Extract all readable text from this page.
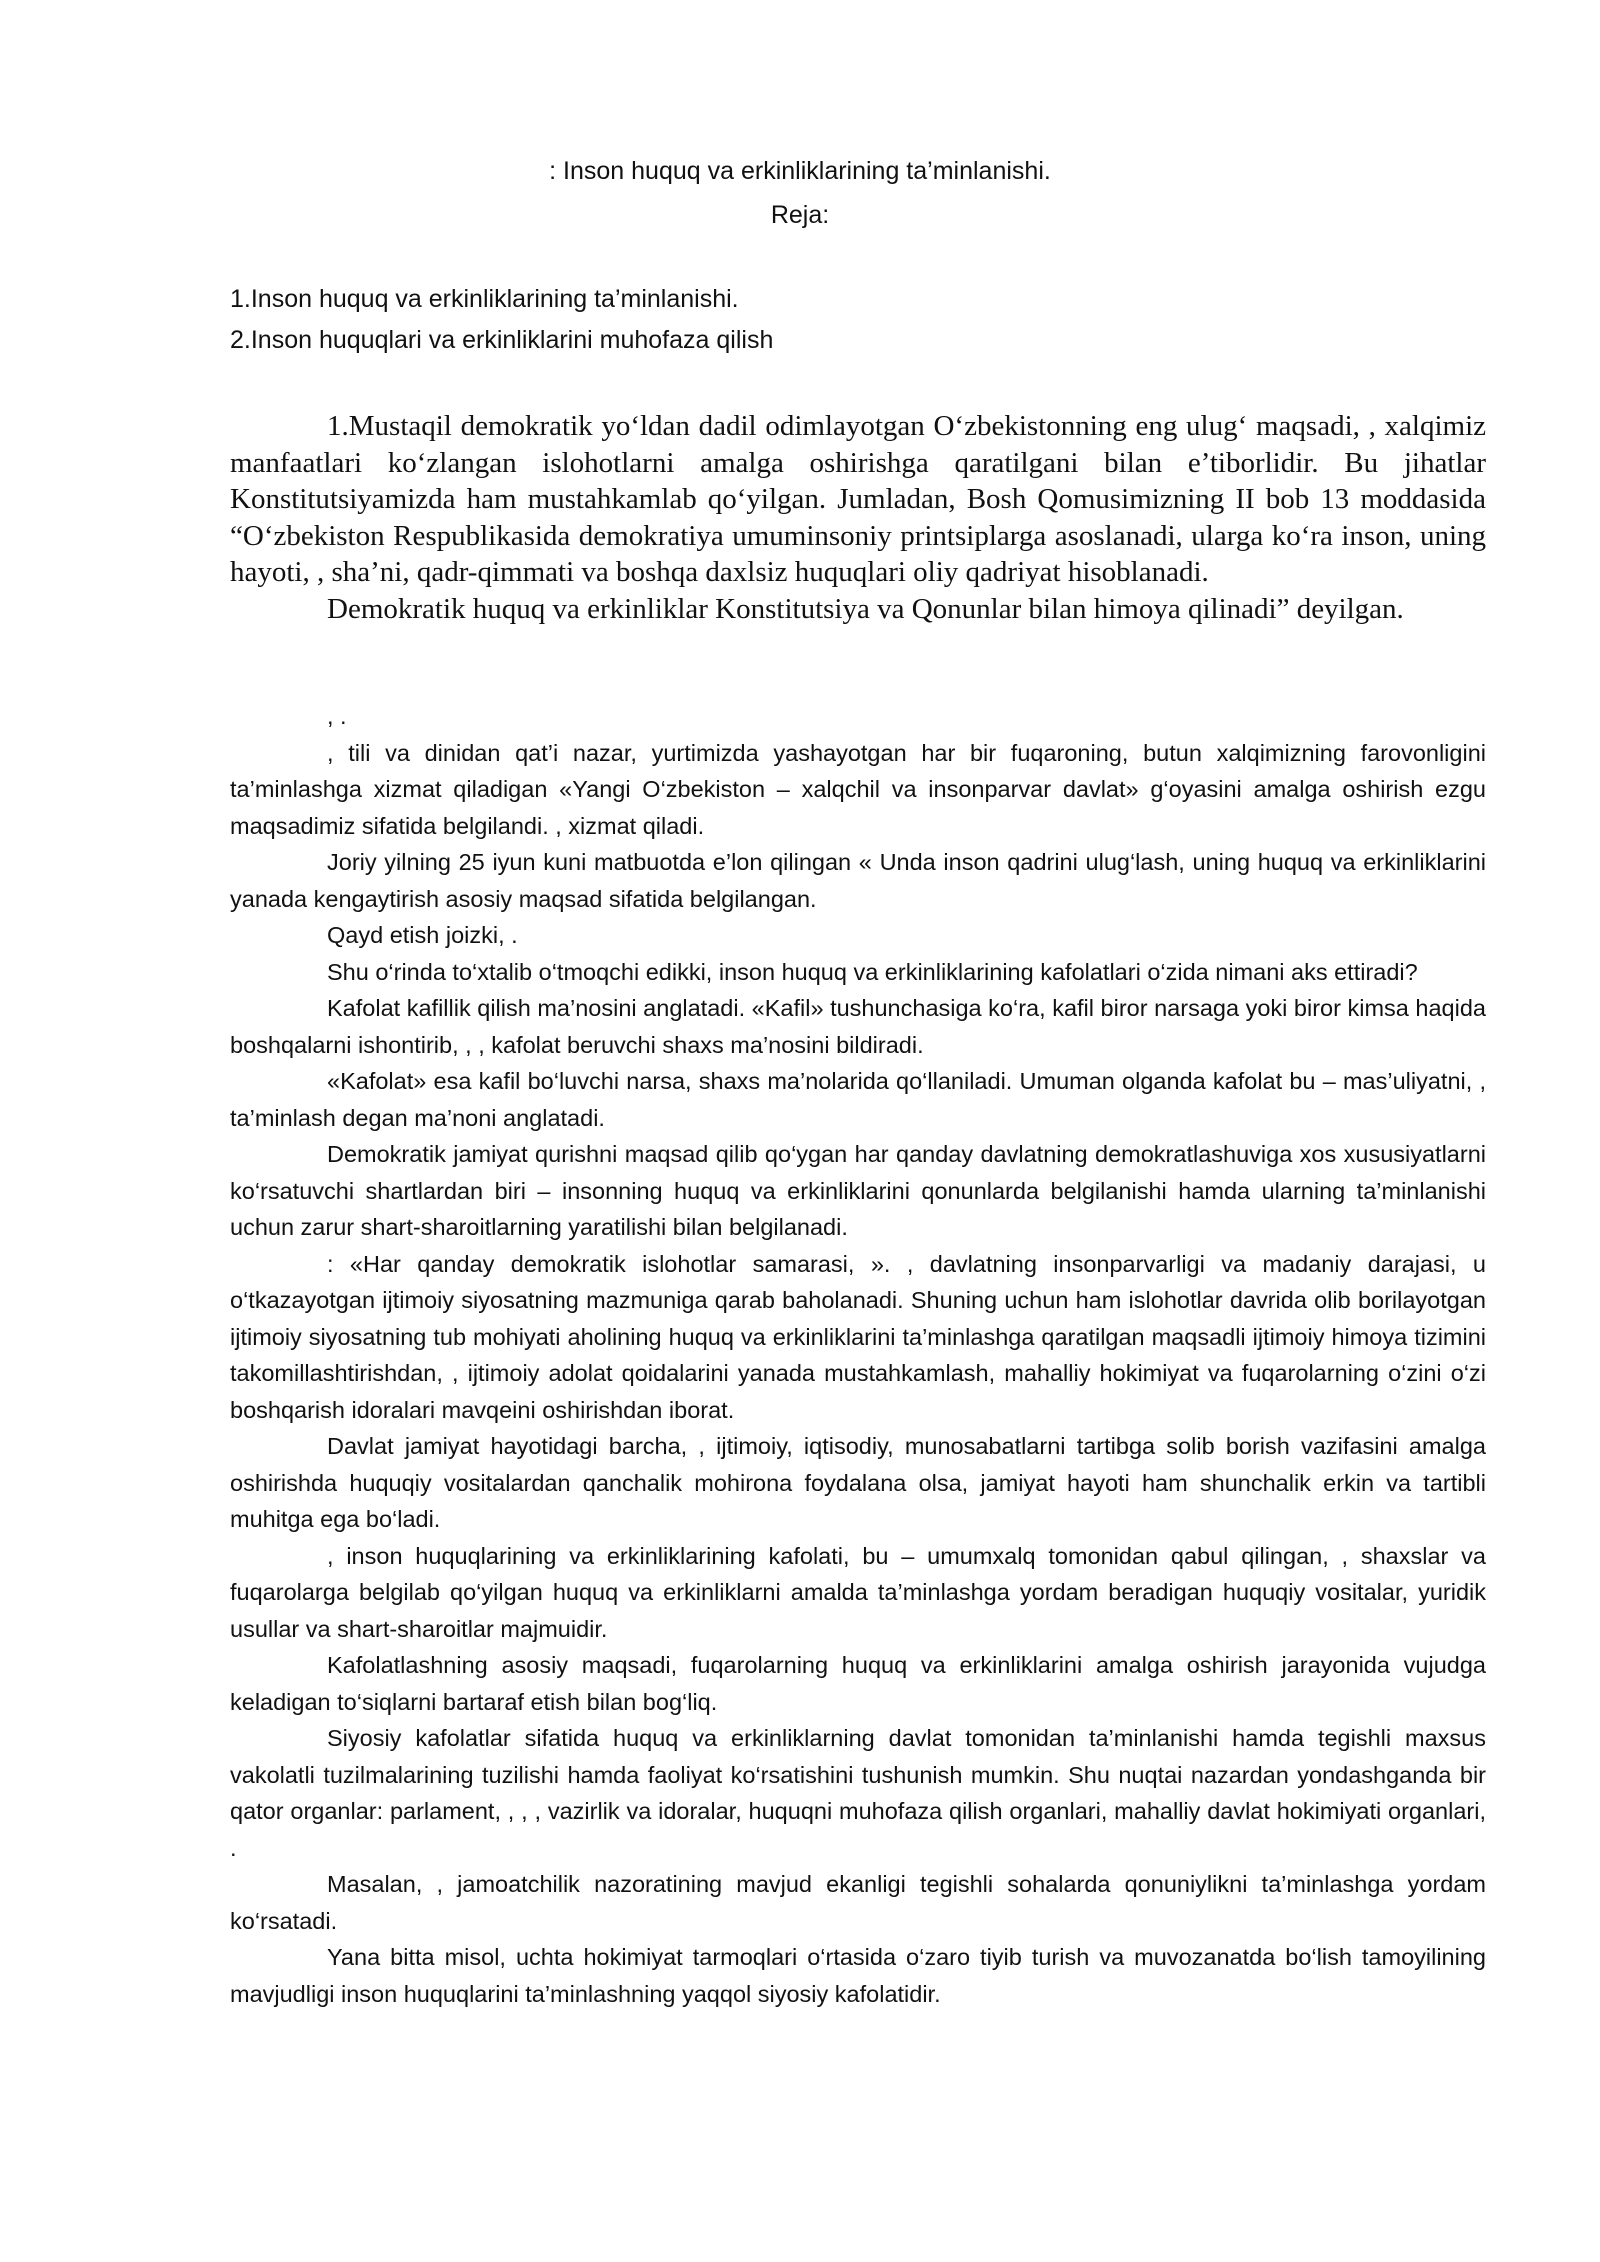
: Inson huquq va erkinliklarining ta’minlanishi.
Reja:

1.Inson huquq va erkinliklarining ta’minlanishi.

2.Inson huquqlari va erkinliklarini muhofaza qilish

1.Mustaqil demokratik yo‘ldan dadil odimlayotgan O‘zbekistonning eng ulug‘ maqsadi, , xalqimiz manfaatlari ko‘zlangan islohotlarni amalga oshirishga qaratilgani bilan e’tiborlidir. Bu jihatlar Konstitutsiyamizda ham mustahkamlab qo‘yilgan. Jumladan, Bosh Qomusimizning II bob 13 moddasida “O‘zbekiston Respublikasida demokratiya umuminsoniy printsiplarga asoslanadi, ularga ko‘ra inson, uning hayoti, , sha’ni, qadr-qimmati va boshqa daxlsiz huquqlari oliy qadriyat hisoblanadi.

Demokratik huquq va erkinliklar Konstitutsiya va Qonunlar bilan himoya qilinadi” deyilgan.

, .

, tili va dinidan qat’i nazar, yurtimizda yashayotgan har bir fuqaroning, butun xalqimizning farovonligini ta’minlashga xizmat qiladigan «Yangi O‘zbekiston – xalqchil va insonparvar davlat» g‘oyasini amalga oshirish ezgu maqsadimiz sifatida belgilandi. , xizmat qiladi.

Joriy yilning 25 iyun kuni matbuotda e’lon qilingan « Unda inson qadrini ulug‘lash, uning huquq va erkinliklarini yanada kengaytirish asosiy maqsad sifatida belgilangan.

Qayd etish joizki, .

Shu o‘rinda to‘xtalib o‘tmoqchi edikki, inson huquq va erkinliklarining kafolatlari o‘zida nimani aks ettiradi?

Kafolat kafillik qilish ma’nosini anglatadi. «Kafil» tushunchasiga ko‘ra, kafil biror narsaga yoki biror kimsa haqida boshqalarni ishontirib, , , kafolat beruvchi shaxs ma’nosini bildiradi.

«Kafolat» esa kafil bo‘luvchi narsa, shaxs ma’nolarida qo‘llaniladi. Umuman olganda kafolat bu – mas’uliyatni, , ta’minlash degan ma’noni anglatadi.

Demokratik jamiyat qurishni maqsad qilib qo‘ygan har qanday davlatning demokratlashuviga xos xususiyatlarni ko‘rsatuvchi shartlardan biri – insonning huquq va erkinliklarini qonunlarda belgilanishi hamda ularning ta’minlanishi uchun zarur shart-sharoitlarning yaratilishi bilan belgilanadi.

: «Har qanday demokratik islohotlar samarasi, ». , davlatning insonparvarligi va madaniy darajasi, u o‘tkazayotgan ijtimoiy siyosatning mazmuniga qarab baholanadi. Shuning uchun ham islohotlar davrida olib borilayotgan ijtimoiy siyosatning tub mohiyati aholining huquq va erkinliklarini ta’minlashga qaratilgan maqsadli ijtimoiy himoya tizimini takomillashtirishdan, , ijtimoiy adolat qoidalarini yanada mustahkamlash, mahalliy hokimiyat va fuqarolarning o‘zini o‘zi boshqarish idoralari mavqeini oshirishdan iborat.

Davlat jamiyat hayotidagi barcha, , ijtimoiy, iqtisodiy, munosabatlarni tartibga solib borish vazifasini amalga oshirishda huquqiy vositalardan qanchalik mohirona foydalana olsa, jamiyat hayoti ham shunchalik erkin va tartibli muhitga ega bo‘ladi.

, inson huquqlarining va erkinliklarining kafolati, bu – umumxalq tomonidan qabul qilingan, , shaxslar va fuqarolarga belgilab qo‘yilgan huquq va erkinliklarni amalda ta’minlashga yordam beradigan huquqiy vositalar, yuridik usullar va shart-sharoitlar majmuidir.

Kafolatlashning asosiy maqsadi, fuqarolarning huquq va erkinliklarini amalga oshirish jarayonida vujudga keladigan to‘siqlarni bartaraf etish bilan bog‘liq.

Siyosiy kafolatlar sifatida huquq va erkinliklarning davlat tomonidan ta’minlanishi hamda tegishli maxsus vakolatli tuzilmalarining tuzilishi hamda faoliyat ko‘rsatishini tushunish mumkin. Shu nuqtai nazardan yondashganda bir qator organlar: parlament, , , , vazirlik va idoralar, huquqni muhofaza qilish organlari, mahalliy davlat hokimiyati organlari, .

Masalan, , jamoatchilik nazoratining mavjud ekanligi tegishli sohalarda qonuniylikni ta’minlashga yordam ko‘rsatadi.

Yana bitta misol, uchta hokimiyat tarmoqlari o‘rtasida o‘zaro tiyib turish va muvozanatda bo‘lish tamoyilining mavjudligi inson huquqlarini ta’minlashning yaqqol siyosiy kafolatidir.
